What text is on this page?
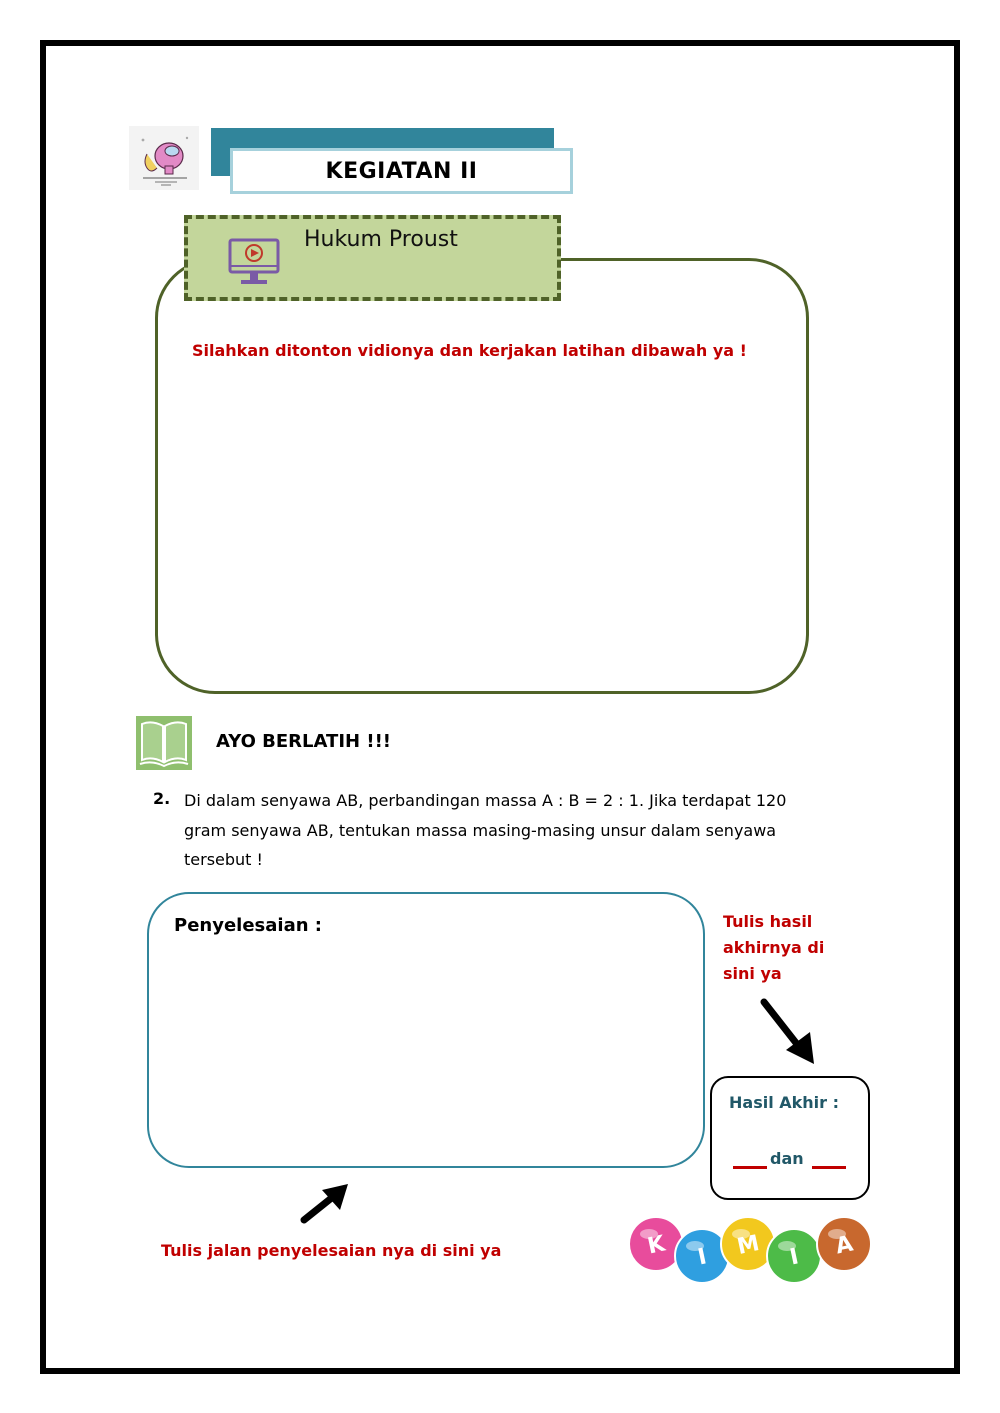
KEGIATAN II
Hukum Proust
Silahkan ditonton vidionya dan kerjakan latihan dibawah ya !
AYO BERLATIH !!!
2. Di dalam senyawa AB, perbandingan massa A : B = 2 : 1. Jika terdapat 120
gram senyawa AB, tentukan massa masing-masing unsur dalam senyawa
tersebut !
Penyelesaian :	Tulis hasil
akhirnya di
sini ya
Hasil Akhir :
dan
Tulis jalan penyelesaian nya di sini ya	K I M I A
